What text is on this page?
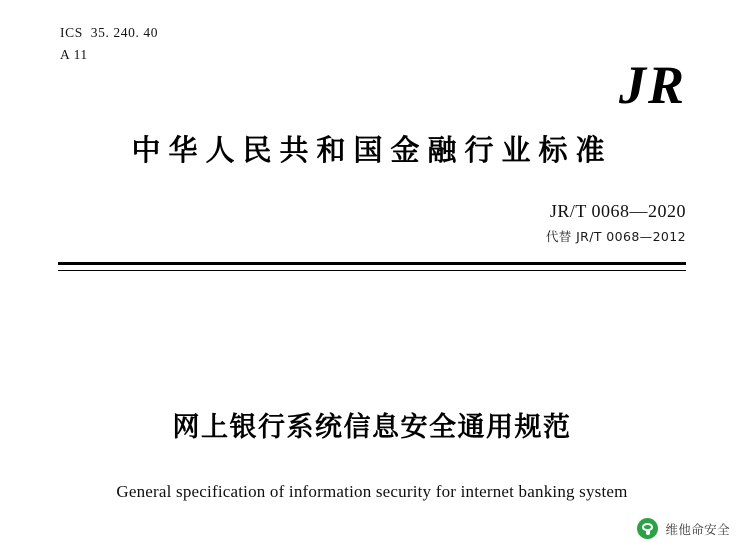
ICS  35. 240. 40
A 11
JR
中华人民共和国金融行业标准
JR/T 0068—2020
代替 JR/T 0068—2012
网上银行系统信息安全通用规范
General specification of information security for internet banking system
维他命安全
